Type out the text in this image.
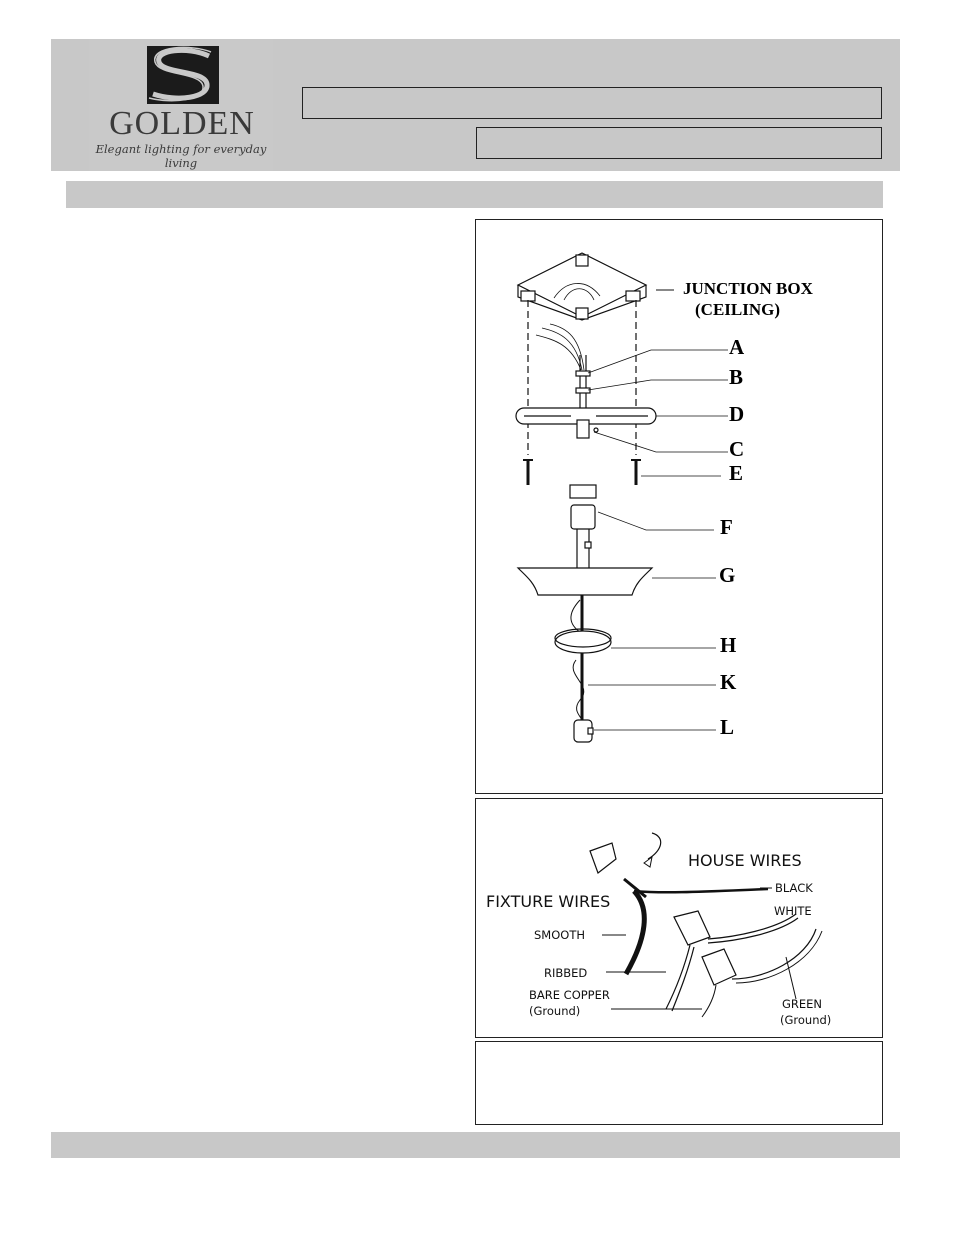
GOLDEN
Elegant lighting for everyday living
JUNCTION BOX
(CEILING)
A
B
D
C
E
F
G
H
K
L
HOUSE WIRES
FIXTURE WIRES
BLACK
WHITE
SMOOTH
RIBBED
BARE COPPER
(Ground)	GREEN
(Ground)
